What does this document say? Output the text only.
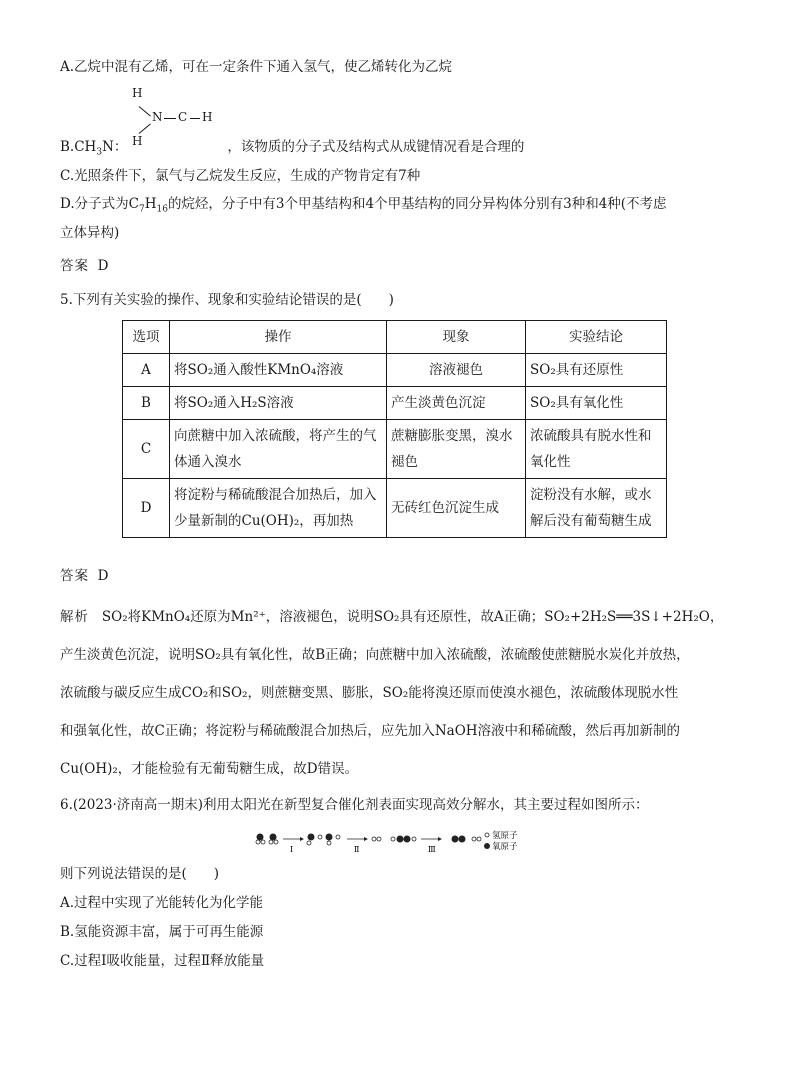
A.乙烷中混有乙烯，可在一定条件下通入氢气，使乙烯转化为乙烷
H
N C H
H
$B.CH_3N$：	，该物质的分子式及结构式从成键情况看是合理的
C.光照条件下，氯气与乙烷发生反应，生成的产物肯定有7种
D.分子式为$C_7H_{16}$的烷烃，分子中有3个甲基结构和4个甲基结构的同分异构体分别有3种和4种(不考虑
立体异构)
答案 D
5.下列有关实验的操作、现象和实验结论错误的是(　　)
选项	操作	现象	实验结论
A	将SO₂通入酸性KMnO₄溶液	溶液褪色	SO₂具有还原性
B	将SO₂通入H₂S溶液	产生淡黄色沉淀	SO₂具有氧化性
C	向蔗糖中加入浓硫酸，将产生的气体通入溴水	蔗糖膨胀变黑，溴水褪色	浓硫酸具有脱水性和氧化性
D	将淀粉与稀硫酸混合加热后，加入少量新制的Cu(OH)₂，再加热	无砖红色沉淀生成	淀粉没有水解，或水解后没有葡萄糖生成
答案 D

解析 SO₂将KMnO₄还原为Mn²⁺，溶液褪色，说明SO₂具有还原性，故A正确；SO₂+2H₂S══3S↓+2H₂O，

产生淡黄色沉淀，说明SO₂具有氧化性，故B正确；向蔗糖中加入浓硫酸，浓硫酸使蔗糖脱水炭化并放热，

浓硫酸与碳反应生成CO₂和SO₂，则蔗糖变黑、膨胀，SO₂能将溴还原而使溴水褪色，浓硫酸体现脱水性

和强氧化性，故C正确；将淀粉与稀硫酸混合加热后，应先加入NaOH溶液中和稀硫酸，然后再加新制的

Cu(OH)₂，才能检验有无葡萄糖生成，故D错误。

6.(2023·济南高一期末)利用太阳光在新型复合催化剂表面实现高效分解水，其主要过程如图所示：
Ⅰ	Ⅱ	Ⅲ
氢原子
氧原子
则下列说法错误的是(　　)
A.过程中实现了光能转化为化学能
B.氢能资源丰富，属于可再生能源
C.过程Ⅰ吸收能量，过程Ⅱ释放能量
